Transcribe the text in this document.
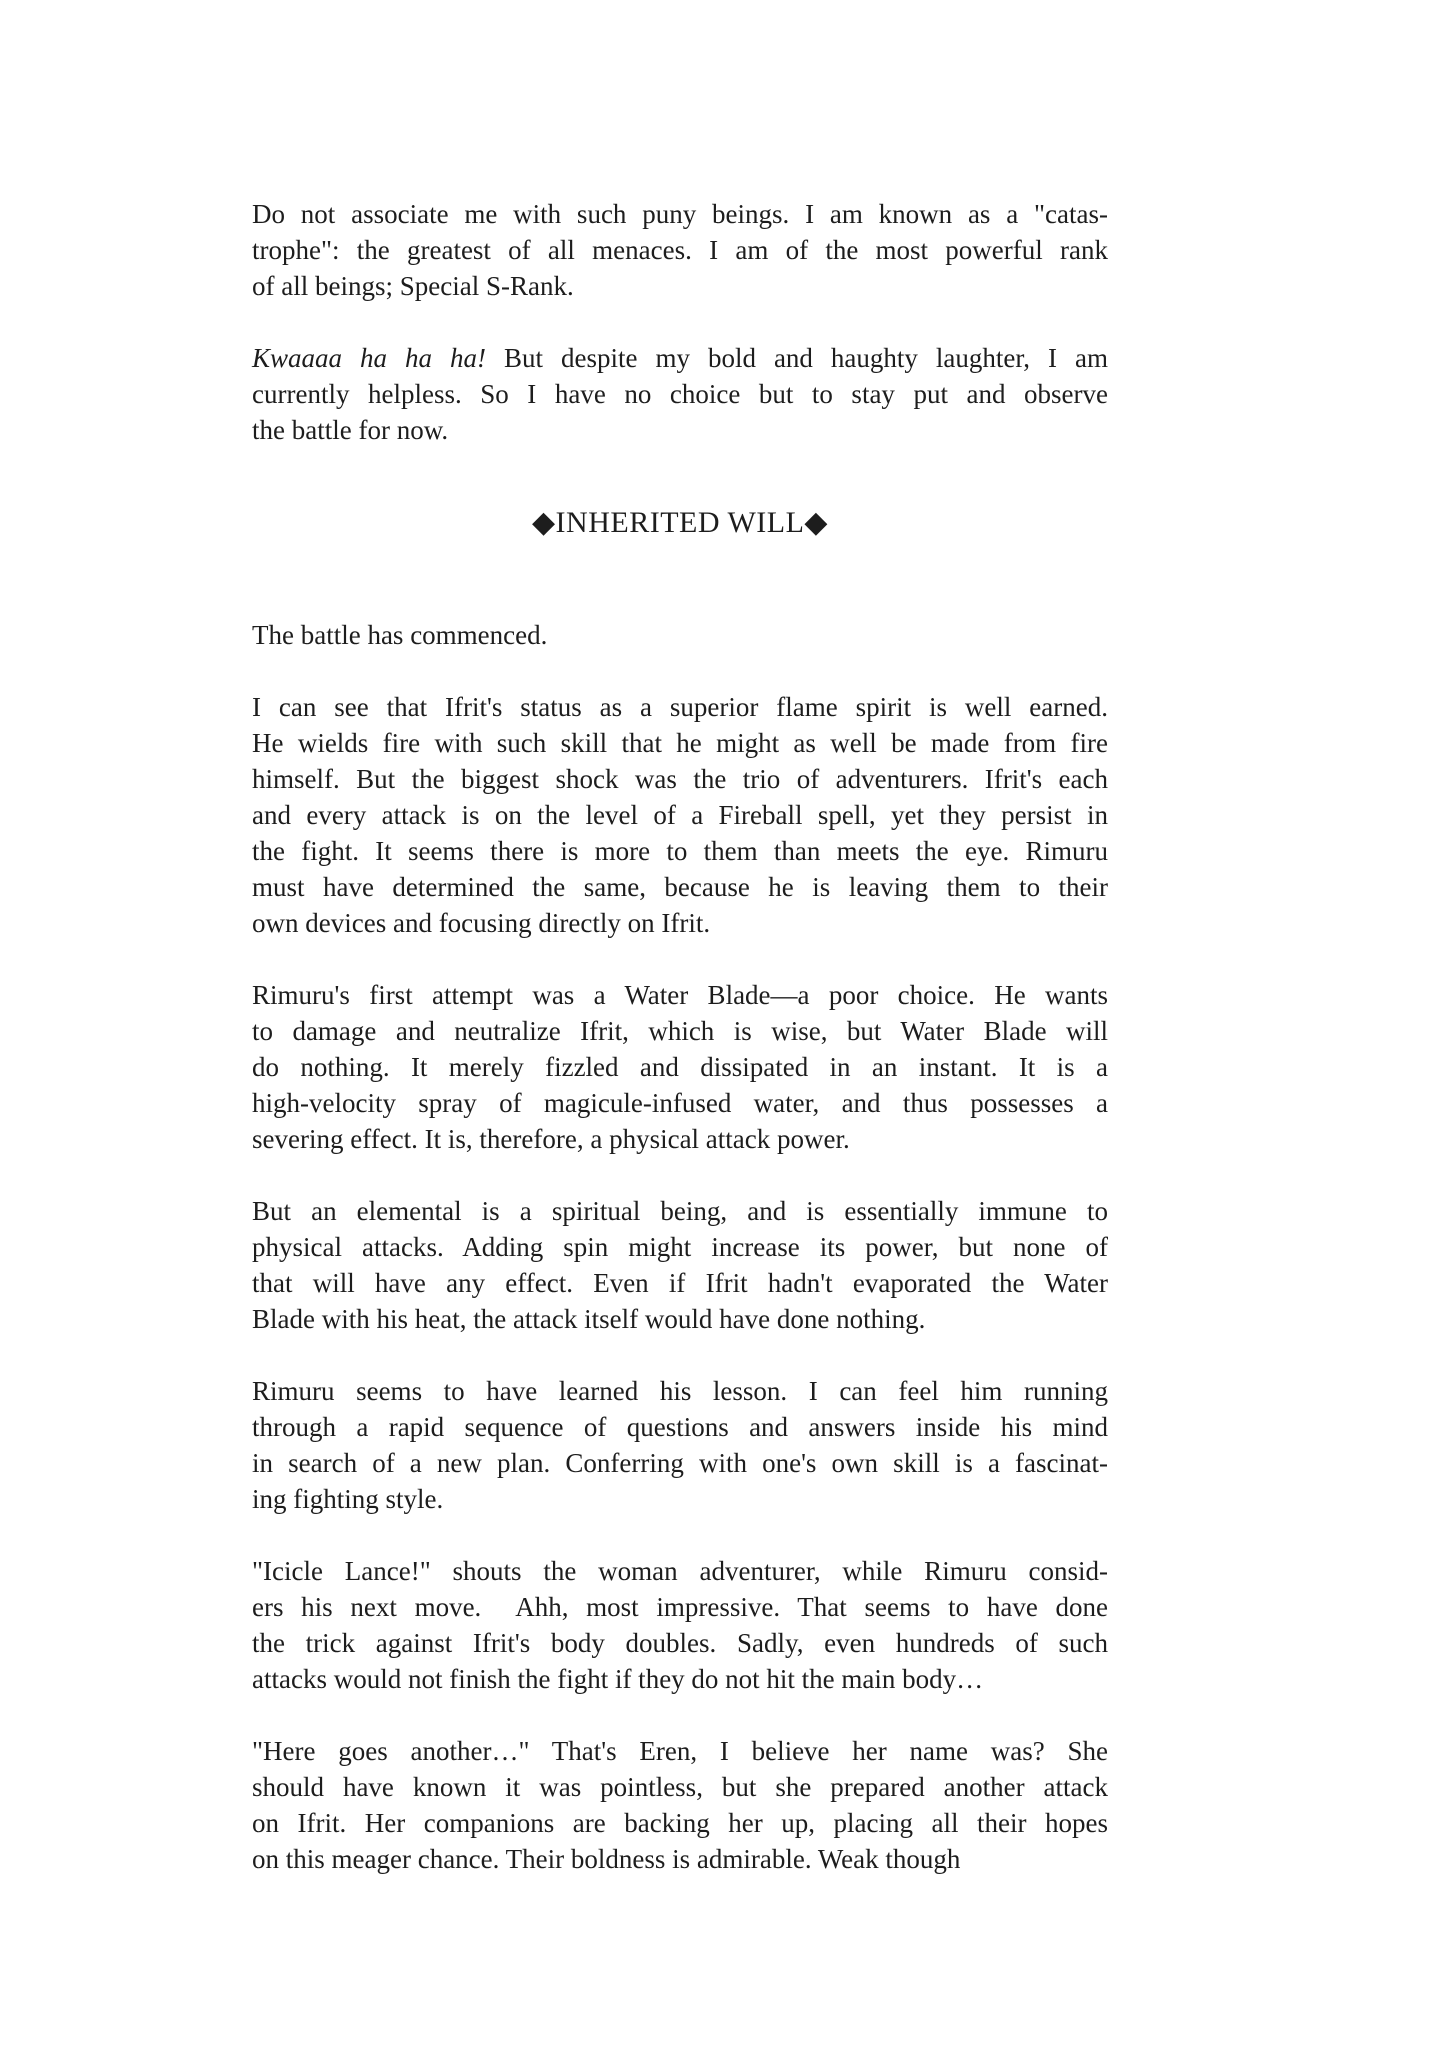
Do not associate me with such puny beings. I am known as a "catas-
trophe": the greatest of all menaces. I am of the most powerful rank
of all beings; Special S-Rank.
Kwaaaa ha ha ha! But despite my bold and haughty laughter, I am
currently helpless. So I have no choice but to stay put and observe
the battle for now.
◆INHERITED WILL◆
The battle has commenced.
I can see that Ifrit's status as a superior flame spirit is well earned.
He wields fire with such skill that he might as well be made from fire
himself. But the biggest shock was the trio of adventurers. Ifrit's each
and every attack is on the level of a Fireball spell, yet they persist in
the fight. It seems there is more to them than meets the eye. Rimuru
must have determined the same, because he is leaving them to their
own devices and focusing directly on Ifrit.
Rimuru's first attempt was a Water Blade—a poor choice. He wants
to damage and neutralize Ifrit, which is wise, but Water Blade will
do nothing. It merely fizzled and dissipated in an instant. It is a
high-velocity spray of magicule-infused water, and thus possesses a
severing effect. It is, therefore, a physical attack power.
But an elemental is a spiritual being, and is essentially immune to
physical attacks. Adding spin might increase its power, but none of
that will have any effect. Even if Ifrit hadn't evaporated the Water
Blade with his heat, the attack itself would have done nothing.
Rimuru seems to have learned his lesson. I can feel him running
through a rapid sequence of questions and answers inside his mind
in search of a new plan. Conferring with one's own skill is a fascinat-
ing fighting style.
"Icicle Lance!" shouts the woman adventurer, while Rimuru consid-
ers his next move.  Ahh, most impressive. That seems to have done
the trick against Ifrit's body doubles. Sadly, even hundreds of such
attacks would not finish the fight if they do not hit the main body…
"Here goes another…" That's Eren, I believe her name was? She
should have known it was pointless, but she prepared another attack
on Ifrit. Her companions are backing her up, placing all their hopes
on this meager chance. Their boldness is admirable. Weak though
